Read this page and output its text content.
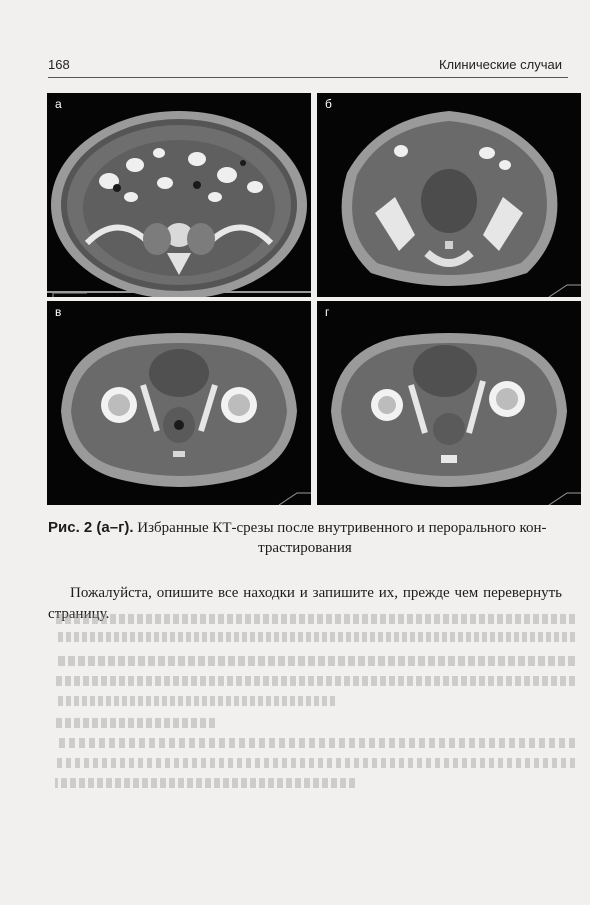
168	Клинические случаи
а	б
в	г
Рис. 2 (а–г). Избранные КТ-срезы после внутривенного и перорального кон-
трастирования

Пожалуйста, опишите все находки и запишите их, прежде чем перевернуть страницу.
